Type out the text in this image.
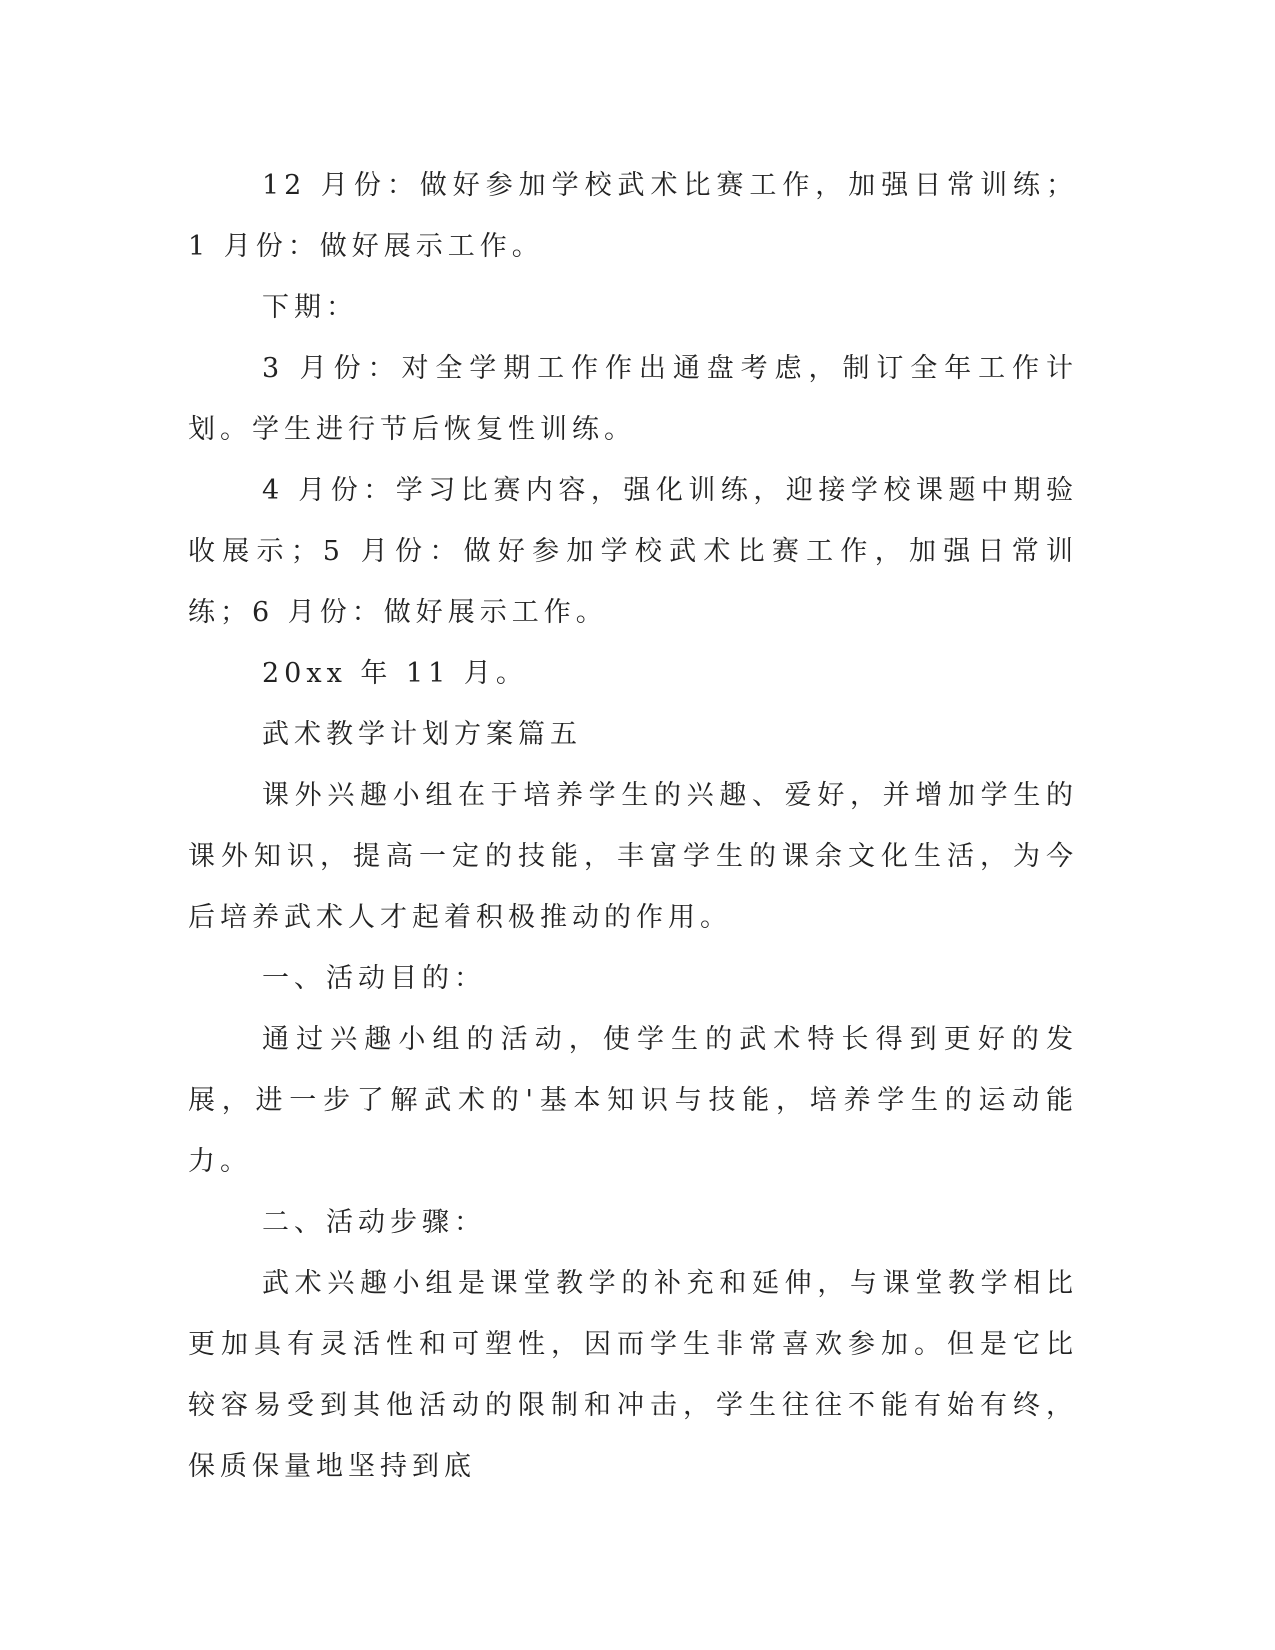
12 月份：做好参加学校武术比赛工作，加强日常训练；1 月份：做好展示工作。

下期：

3 月份：对全学期工作作出通盘考虑，制订全年工作计划。学生进行节后恢复性训练。

4 月份：学习比赛内容，强化训练，迎接学校课题中期验收展示；5 月份：做好参加学校武术比赛工作，加强日常训练；6 月份：做好展示工作。

20xx 年 11 月。

武术教学计划方案篇五

课外兴趣小组在于培养学生的兴趣、爱好，并增加学生的课外知识，提高一定的技能，丰富学生的课余文化生活，为今后培养武术人才起着积极推动的作用。

一、活动目的：

通过兴趣小组的活动，使学生的武术特长得到更好的发展，进一步了解武术的'基本知识与技能，培养学生的运动能力。

二、活动步骤：

武术兴趣小组是课堂教学的补充和延伸，与课堂教学相比更加具有灵活性和可塑性，因而学生非常喜欢参加。但是它比较容易受到其他活动的限制和冲击，学生往往不能有始有终，保质保量地坚持到底
